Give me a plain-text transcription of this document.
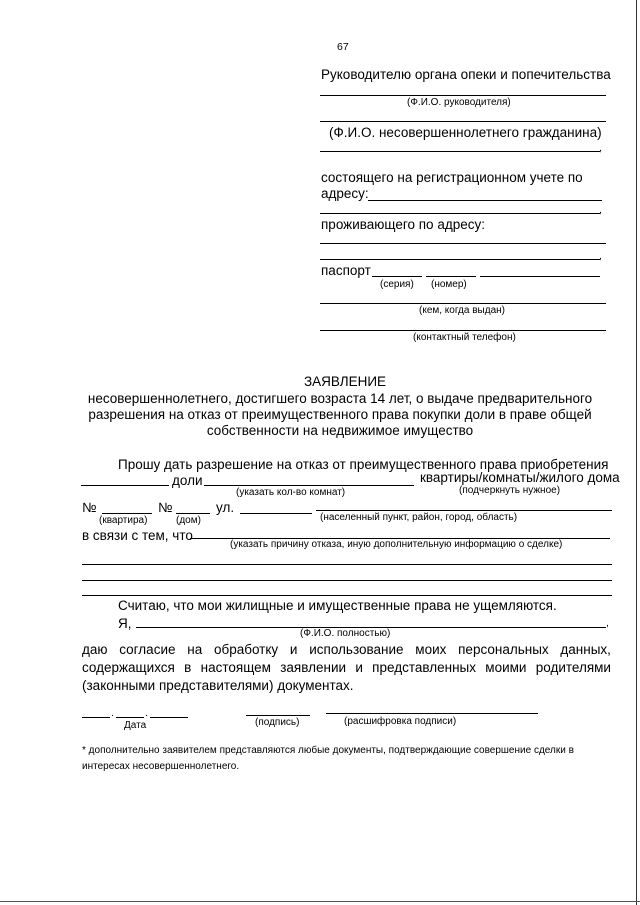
67
Руководителю органа опеки и попечительства
(Ф.И.О. руководителя)
(Ф.И.О. несовершеннолетнего гражданина)
,
состоящего на регистрационном учете по
адресу:
,
проживающего по адресу:
,
паспорт
(серия) (номер)
(кем, когда выдан)
(контактный телефон)
ЗАЯВЛЕНИЕ
несовершеннолетнего, достигшего возраста 14 лет, о выдаче предварительного
разрешения на отказ от преимущественного права покупки доли в праве общей
собственности на недвижимое имущество
Прошу дать разрешение на отказ от преимущественного права приобретения
доли	квартиры/комнаты/жилого дома
(указать кол-во комнат)	(подчеркнуть нужное)
№	№	ул.
(квартира)	(дом)	(населенный пункт, район, город, область)
в связи с тем, что
(указать причину отказа, иную дополнительную информацию о сделке)
Считаю, что мои жилищные и имущественные права не ущемляются.
Я,	,
(Ф.И.О. полностью)
даю согласие на обработку и использование моих персональных данных,
содержащихся в настоящем заявлении и представленных моими родителями
(законными представителями) документах.
.	.
Дата	(подпись)	(расшифровка подписи)
* дополнительно заявителем представляются любые документы, подтверждающие совершение сделки в
интересах несовершеннолетнего.
